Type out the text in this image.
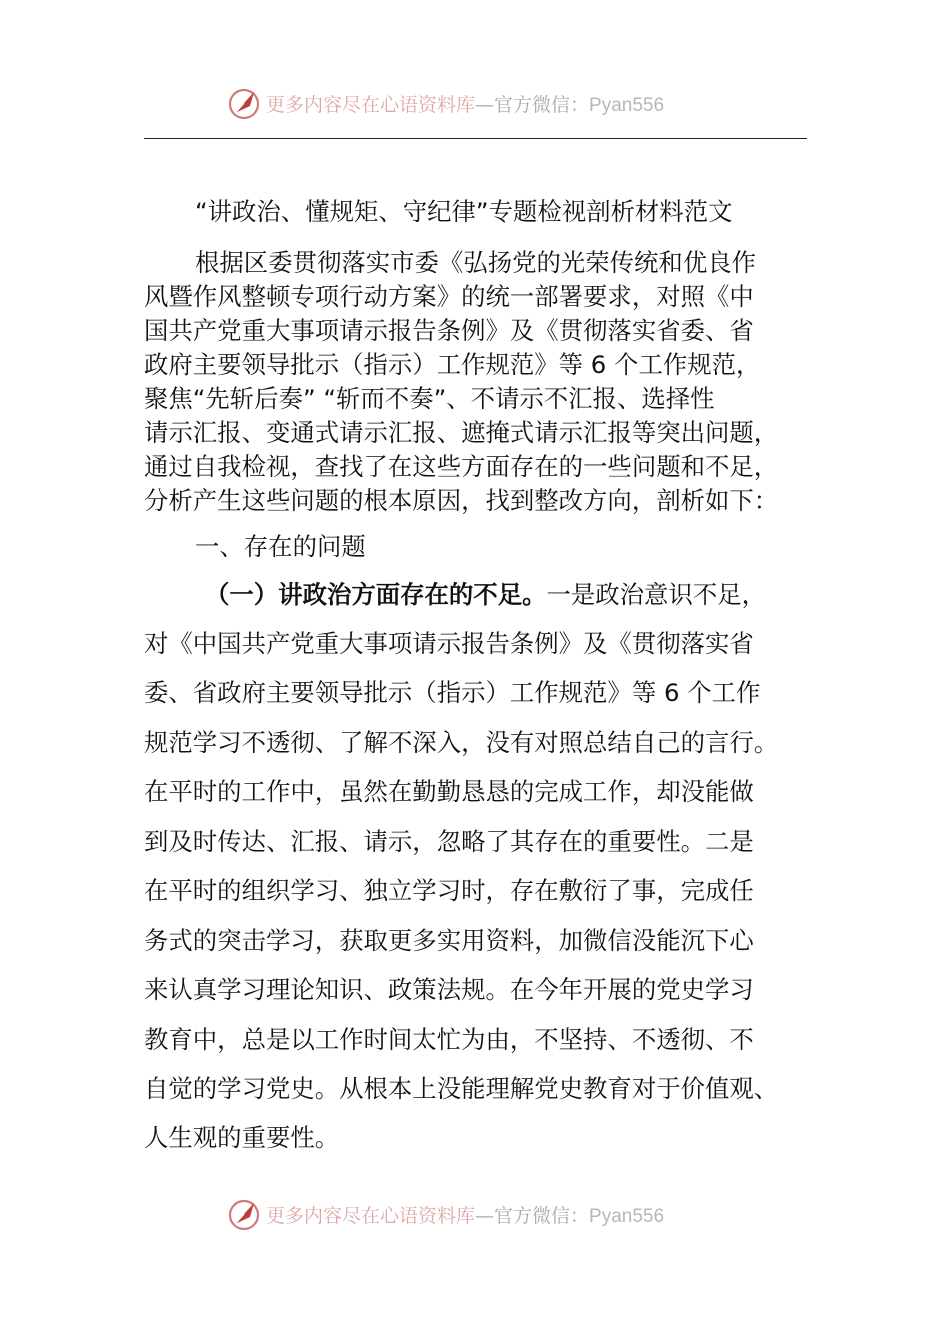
更多内容尽在心语资料库—官方微信：Pyan556
“讲政治、懂规矩、守纪律”专题检视剖析材料范文
根据区委贯彻落实市委《弘扬党的光荣传统和优良作
风暨作风整顿专项行动方案》的统一部署要求，对照《中
国共产党重大事项请示报告条例》及《贯彻落实省委、省
政府主要领导批示（指示）工作规范》等 6 个工作规范，
聚焦“先斩后奏” “斩而不奏”、不请示不汇报、选择性
请示汇报、变通式请示汇报、遮掩式请示汇报等突出问题，
通过自我检视，查找了在这些方面存在的一些问题和不足，
分析产生这些问题的根本原因，找到整改方向，剖析如下：
一、存在的问题
（一）讲政治方面存在的不足。一是政治意识不足，
对《中国共产党重大事项请示报告条例》及《贯彻落实省
委、省政府主要领导批示（指示）工作规范》等 6 个工作
规范学习不透彻、了解不深入，没有对照总结自己的言行。
在平时的工作中，虽然在勤勤恳恳的完成工作，却没能做
到及时传达、汇报、请示，忽略了其存在的重要性。二是
在平时的组织学习、独立学习时，存在敷衍了事，完成任
务式的突击学习，获取更多实用资料，加微信没能沉下心
来认真学习理论知识、政策法规。在今年开展的党史学习
教育中，总是以工作时间太忙为由，不坚持、不透彻、不
自觉的学习党史。从根本上没能理解党史教育对于价值观、
人生观的重要性。
更多内容尽在心语资料库—官方微信：Pyan556
